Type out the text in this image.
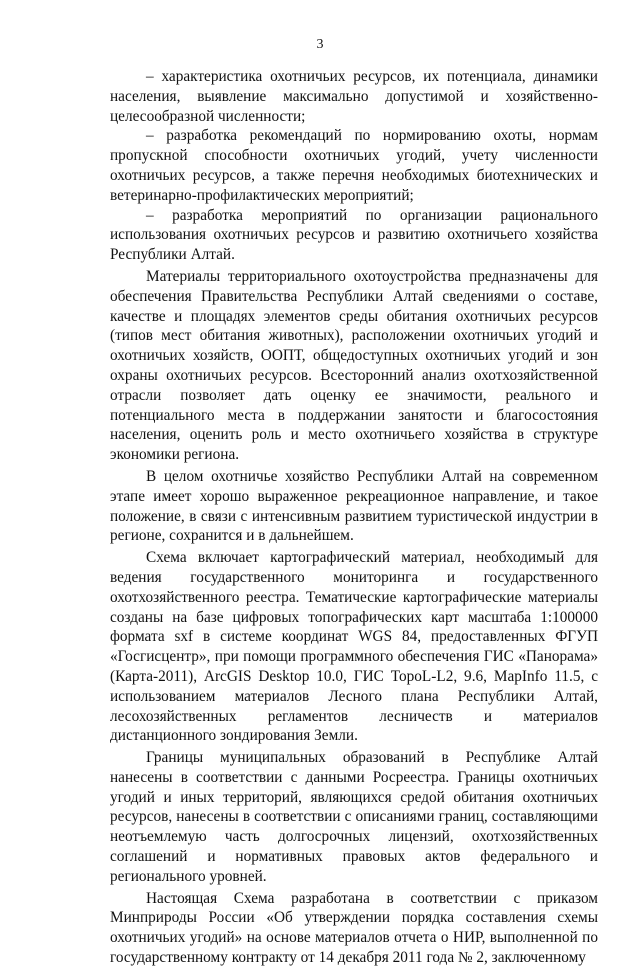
3

– характеристика охотничьих ресурсов, их потенциала, динамики населения, выявление максимально допустимой и хозяйственно-целесообразной численности;

– разработка рекомендаций по нормированию охоты, нормам пропускной способности охотничьих угодий, учету численности охотничьих ресурсов, а также перечня необходимых биотехнических и ветеринарно-профилактических мероприятий;

– разработка мероприятий по организации рационального использования охотничьих ресурсов и развитию охотничьего хозяйства Республики Алтай.

Материалы территориального охотоустройства предназначены для обеспечения Правительства Республики Алтай сведениями о составе, качестве и площадях элементов среды обитания охотничьих ресурсов (типов мест обитания животных), расположении охотничьих угодий и охотничьих хозяйств, ООПТ, общедоступных охотничьих угодий и зон охраны охотничьих ресурсов. Всесторонний анализ охотхозяйственной отрасли позволяет дать оценку ее значимости, реального и потенциального места в поддержании занятости и благосостояния населения, оценить роль и место охотничьего хозяйства в структуре экономики региона.

В целом охотничье хозяйство Республики Алтай на современном этапе имеет хорошо выраженное рекреационное направление, и такое положение, в связи с интенсивным развитием туристической индустрии в регионе, сохранится и в дальнейшем.

Схема включает картографический материал, необходимый для ведения государственного мониторинга и государственного охотхозяйственного реестра. Тематические картографические материалы созданы на базе цифровых топографических карт масштаба 1:100000 формата sxf в системе координат WGS 84, предоставленных ФГУП «Госгисцентр», при помощи программного обеспечения ГИС «Панорама» (Карта-2011), ArcGIS Desktop 10.0, ГИС TopoL-L2, 9.6, MapInfo 11.5, с использованием материалов Лесного плана Республики Алтай, лесохозяйственных регламентов лесничеств и материалов дистанционного зондирования Земли.

Границы муниципальных образований в Республике Алтай нанесены в соответствии с данными Росреестра. Границы охотничьих угодий и иных территорий, являющихся средой обитания охотничьих ресурсов, нанесены в соответствии с описаниями границ, составляющими неотъемлемую часть долгосрочных лицензий, охотхозяйственных соглашений и нормативных правовых актов федерального и регионального уровней.

Настоящая Схема разработана в соответствии с приказом Минприроды России «Об утверждении порядка составления схемы охотничьих угодий» на основе материалов отчета о НИР, выполненной по государственному контракту от 14 декабря 2011 года № 2, заключенному
